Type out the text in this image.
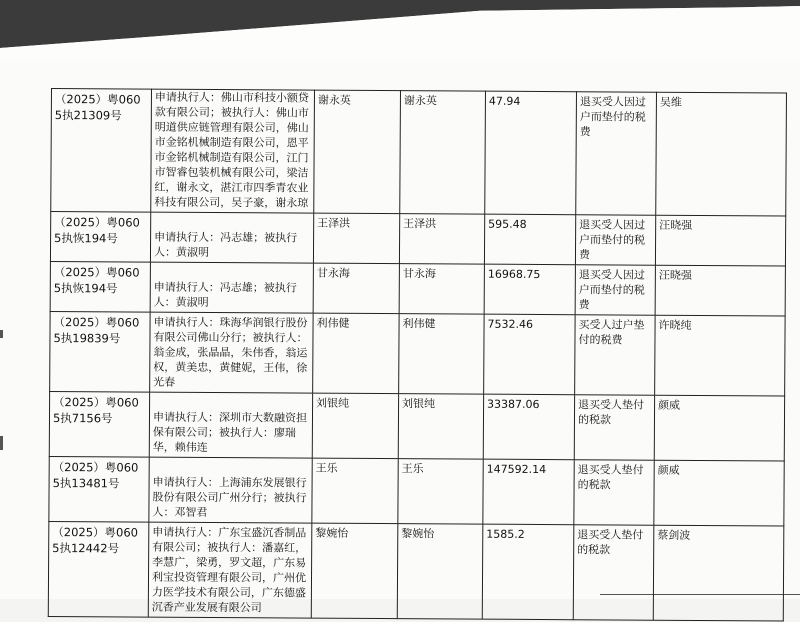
（2025）粤0605执21309号	申请执行人：佛山市科技小额贷款有限公司；被执行人：佛山市明道供应链管理有限公司，佛山市金铭机械制造有限公司，恩平市金铭机械制造有限公司，江门市智睿包装机械有限公司，梁洁红，谢永文，湛江市四季青农业科技有限公司，吴子豪，谢永琼	谢永英	谢永英	47.94	退买受人因过户而垫付的税费	吴维
（2025）粤0605执恢194号	申请执行人：冯志雄；被执行人：黄淑明	王泽洪	王泽洪	595.48	退买受人因过户而垫付的税费	汪晓强
（2025）粤0605执恢194号	申请执行人：冯志雄；被执行人：黄淑明	甘永海	甘永海	16968.75	退买受人因过户而垫付的税费	汪晓强
（2025）粤0605执19839号	申请执行人：珠海华润银行股份有限公司佛山分行；被执行人：翁金成，张晶晶，朱伟香，翁运权，黄美忠，黄健妮，王伟，徐光春	利伟健	利伟健	7532.46	买受人过户垫付的税费	许晓纯
（2025）粤0605执7156号	申请执行人：深圳市大数融资担保有限公司；被执行人：廖瑞华，赖伟连	刘银纯	刘银纯	33387.06	退买受人垫付的税款	颜威
（2025）粤0605执13481号	申请执行人：上海浦东发展银行股份有限公司广州分行；被执行人：邓智君	王乐	王乐	147592.14	退买受人垫付的税款	颜威
（2025）粤0605执12442号	申请执行人：广东宝盛沉香制品有限公司；被执行人：潘嘉红，李慧广，梁勇，罗文超，广东易利宝投资管理有限公司，广州优力医学技术有限公司，广东德盛沉香产业发展有限公司	黎婉怡	黎婉怡	1585.2	退买受人垫付的税款	蔡剑波
